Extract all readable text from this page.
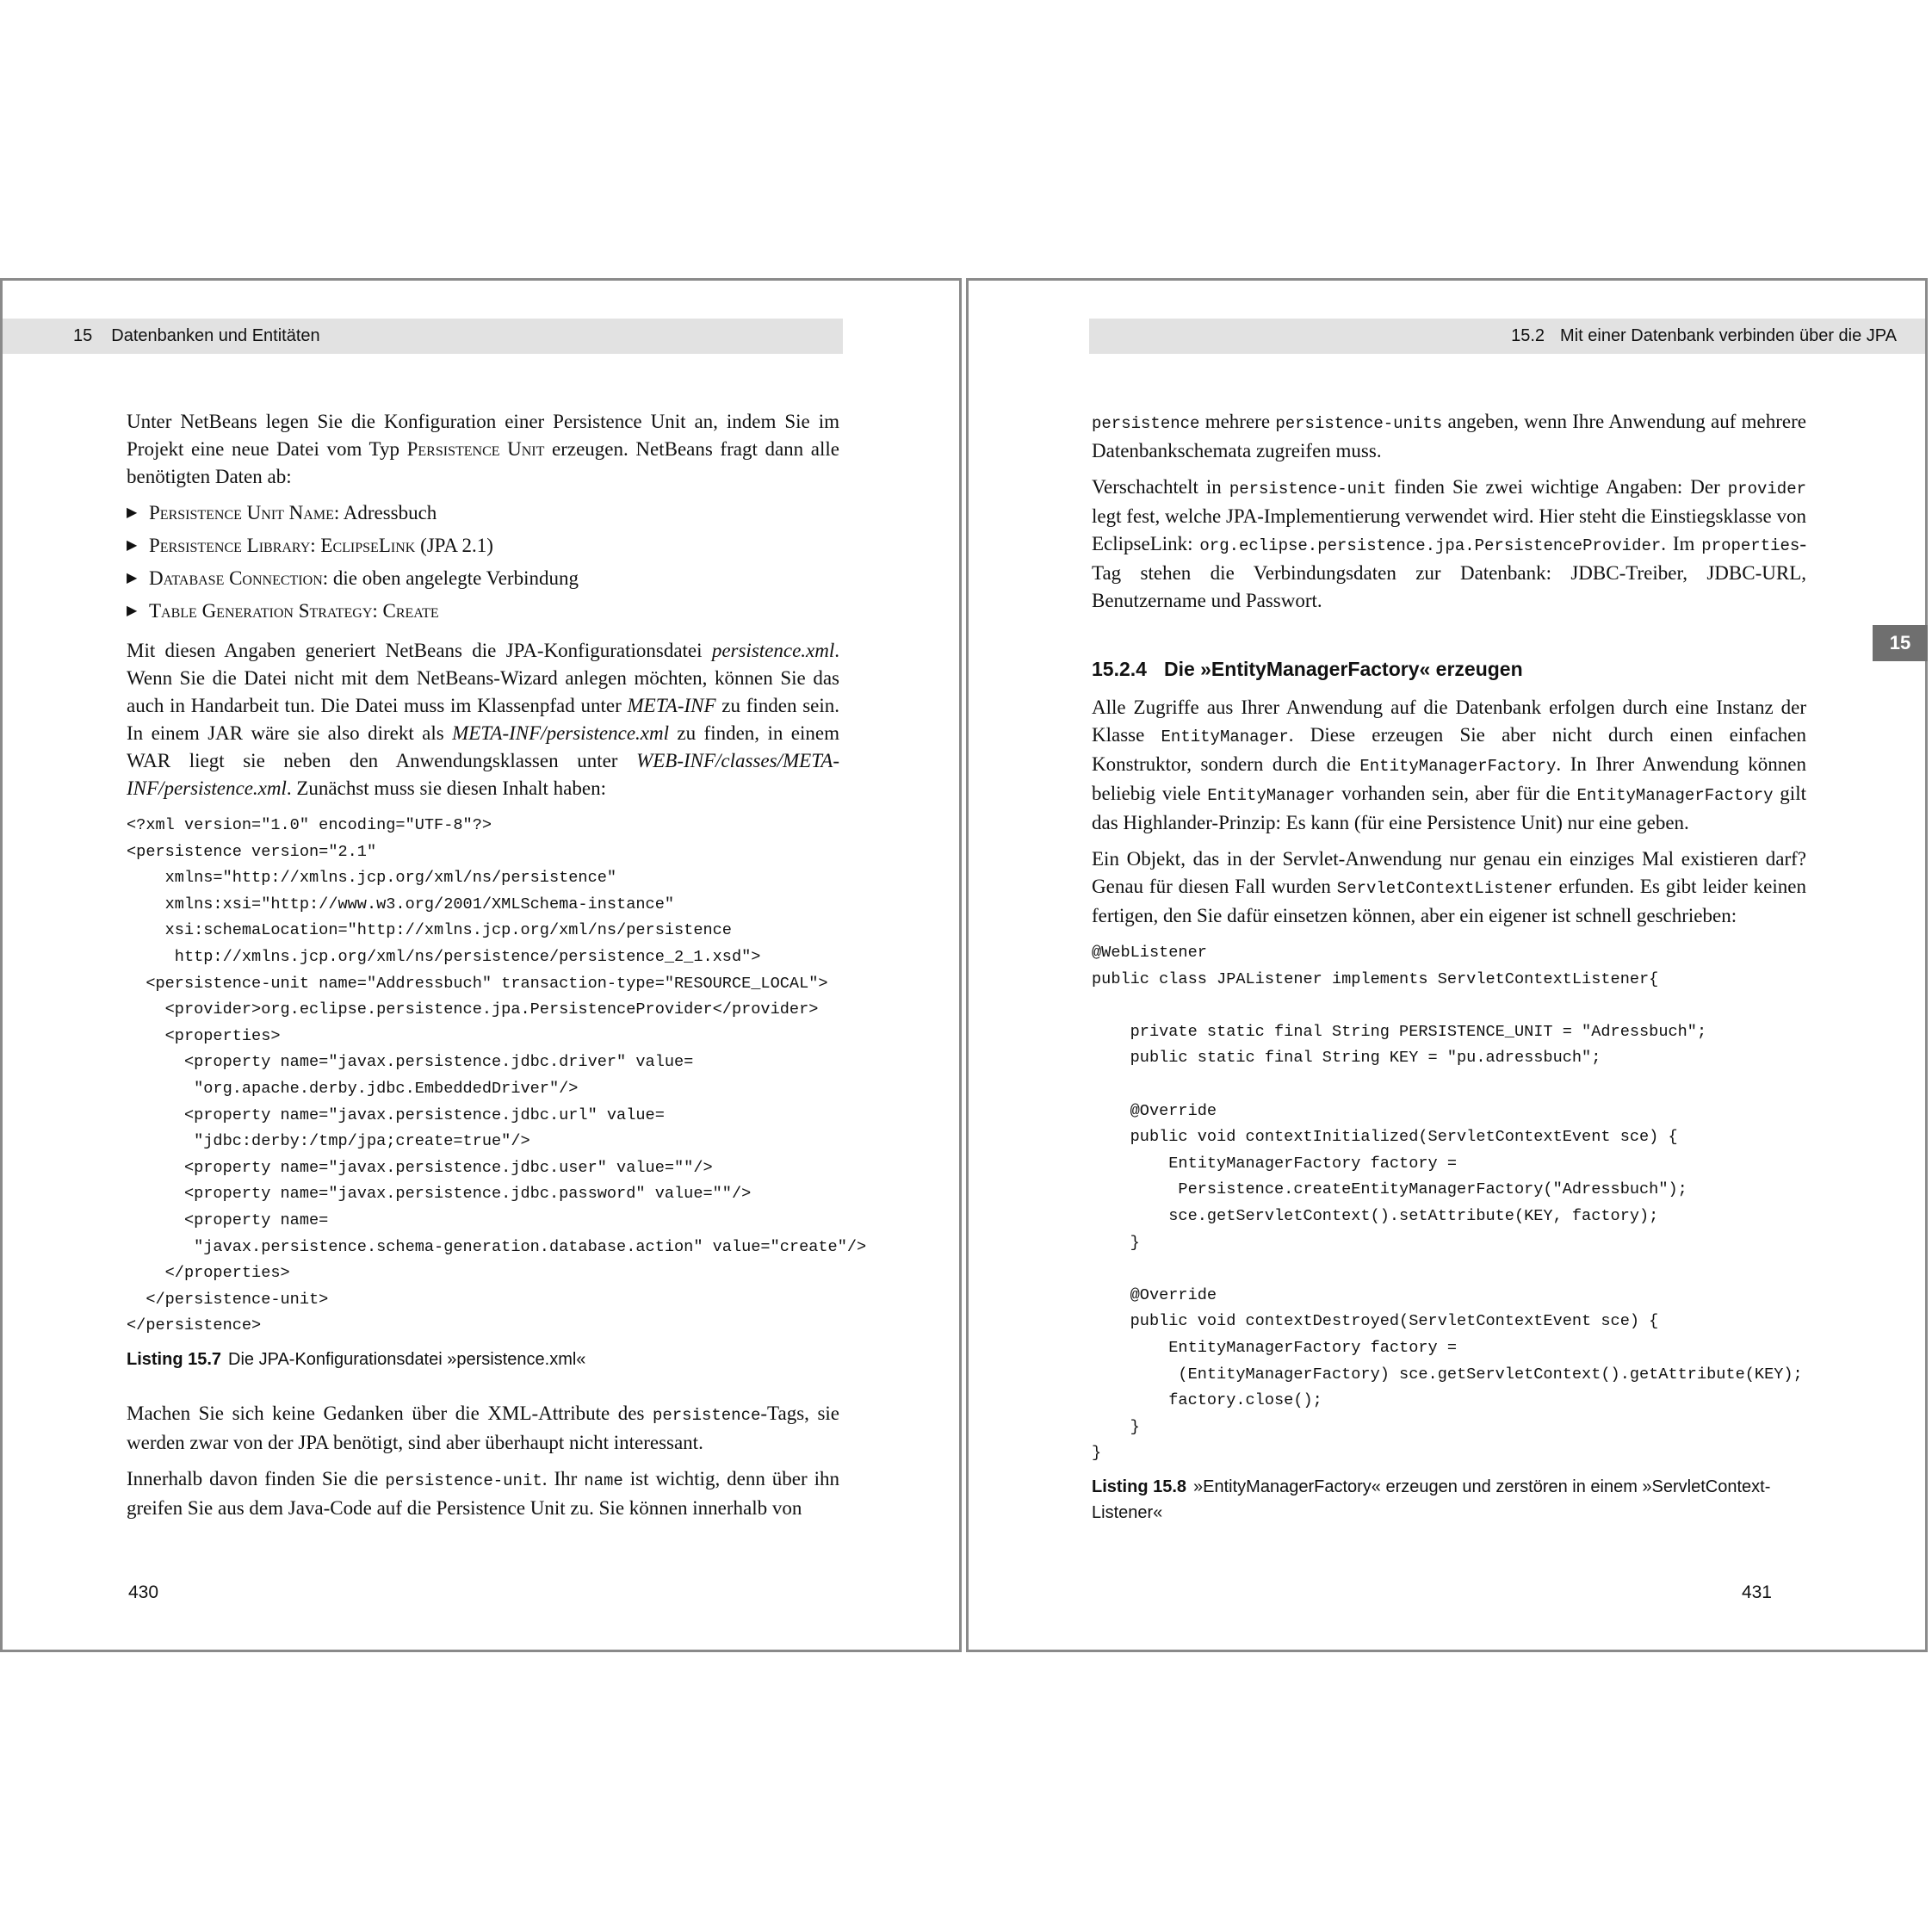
15 Datenbanken und Entitäten

Unter NetBeans legen Sie die Konfiguration einer Persistence Unit an, indem Sie im Projekt eine neue Datei vom Typ Persistence Unit erzeugen. NetBeans fragt dann alle benötigten Daten ab:

▶ Persistence Unit Name: Adressbuch
▶ Persistence Library: EclipseLink (JPA 2.1)
▶ Database Connection: die oben angelegte Verbindung
▶ Table Generation Strategy: Create

Mit diesen Angaben generiert NetBeans die JPA-Konfigurationsdatei persistence.xml. Wenn Sie die Datei nicht mit dem NetBeans-Wizard anlegen möchten, können Sie das auch in Handarbeit tun. Die Datei muss im Klassenpfad unter META-INF zu finden sein. In einem JAR wäre sie also direkt als META-INF/persistence.xml zu finden, in einem WAR liegt sie neben den Anwendungsklassen unter WEB-INF/classes/META-INF/persistence.xml. Zunächst muss sie diesen Inhalt haben:

<?xml version="1.0" encoding="UTF-8"?>
<persistence version="2.1"
xmlns="http://xmlns.jcp.org/xml/ns/persistence"
xmlns:xsi="http://www.w3.org/2001/XMLSchema-instance"
xsi:schemaLocation="http://xmlns.jcp.org/xml/ns/persistence
http://xmlns.jcp.org/xml/ns/persistence/persistence_2_1.xsd">
<persistence-unit name="Addressbuch" transaction-type="RESOURCE_LOCAL">
<provider>org.eclipse.persistence.jpa.PersistenceProvider</provider>
<properties>
<property name="javax.persistence.jdbc.driver" value=
"org.apache.derby.jdbc.EmbeddedDriver"/>
<property name="javax.persistence.jdbc.url" value=
"jdbc:derby:/tmp/jpa;create=true"/>
<property name="javax.persistence.jdbc.user" value=""/>
<property name="javax.persistence.jdbc.password" value=""/>
<property name=
"javax.persistence.schema-generation.database.action" value="create"/>
</properties>
</persistence-unit>
</persistence>
Listing 15.7 Die JPA-Konfigurationsdatei »persistence.xml«

Machen Sie sich keine Gedanken über die XML-Attribute des persistence-Tags, sie werden zwar von der JPA benötigt, sind aber überhaupt nicht interessant.

Innerhalb davon finden Sie die persistence-unit. Ihr name ist wichtig, denn über ihn greifen Sie aus dem Java-Code auf die Persistence Unit zu. Sie können innerhalb von

430
15.2 Mit einer Datenbank verbinden über die JPA

persistence mehrere persistence-units angeben, wenn Ihre Anwendung auf mehrere Datenbankschemata zugreifen muss.

Verschachtelt in persistence-unit finden Sie zwei wichtige Angaben: Der provider legt fest, welche JPA-Implementierung verwendet wird. Hier steht die Einstiegsklasse von EclipseLink: org.eclipse.persistence.jpa.PersistenceProvider. Im properties-Tag stehen die Verbindungsdaten zur Datenbank: JDBC-Treiber, JDBC-URL, Benutzername und Passwort.

15.2.4 Die »EntityManagerFactory« erzeugen

Alle Zugriffe aus Ihrer Anwendung auf die Datenbank erfolgen durch eine Instanz der Klasse EntityManager. Diese erzeugen Sie aber nicht durch einen einfachen Konstruktor, sondern durch die EntityManagerFactory. In Ihrer Anwendung können beliebig viele EntityManager vorhanden sein, aber für die EntityManagerFactory gilt das Highlander-Prinzip: Es kann (für eine Persistence Unit) nur eine geben.

Ein Objekt, das in der Servlet-Anwendung nur genau ein einziges Mal existieren darf? Genau für diesen Fall wurden ServletContextListener erfunden. Es gibt leider keinen fertigen, den Sie dafür einsetzen können, aber ein eigener ist schnell geschrieben:

@WebListener
public class JPAListener implements ServletContextListener{

private static final String PERSISTENCE_UNIT = "Adressbuch";
public static final String KEY = "pu.adressbuch";

@Override
public void contextInitialized(ServletContextEvent sce) {
EntityManagerFactory factory =
Persistence.createEntityManagerFactory("Adressbuch");
sce.getServletContext().setAttribute(KEY, factory);
}

@Override
public void contextDestroyed(ServletContextEvent sce) {
EntityManagerFactory factory =
(EntityManagerFactory) sce.getServletContext().getAttribute(KEY);
factory.close();
}
}
Listing 15.8 »EntityManagerFactory« erzeugen und zerstören in einem »ServletContext-Listener«
431
15
